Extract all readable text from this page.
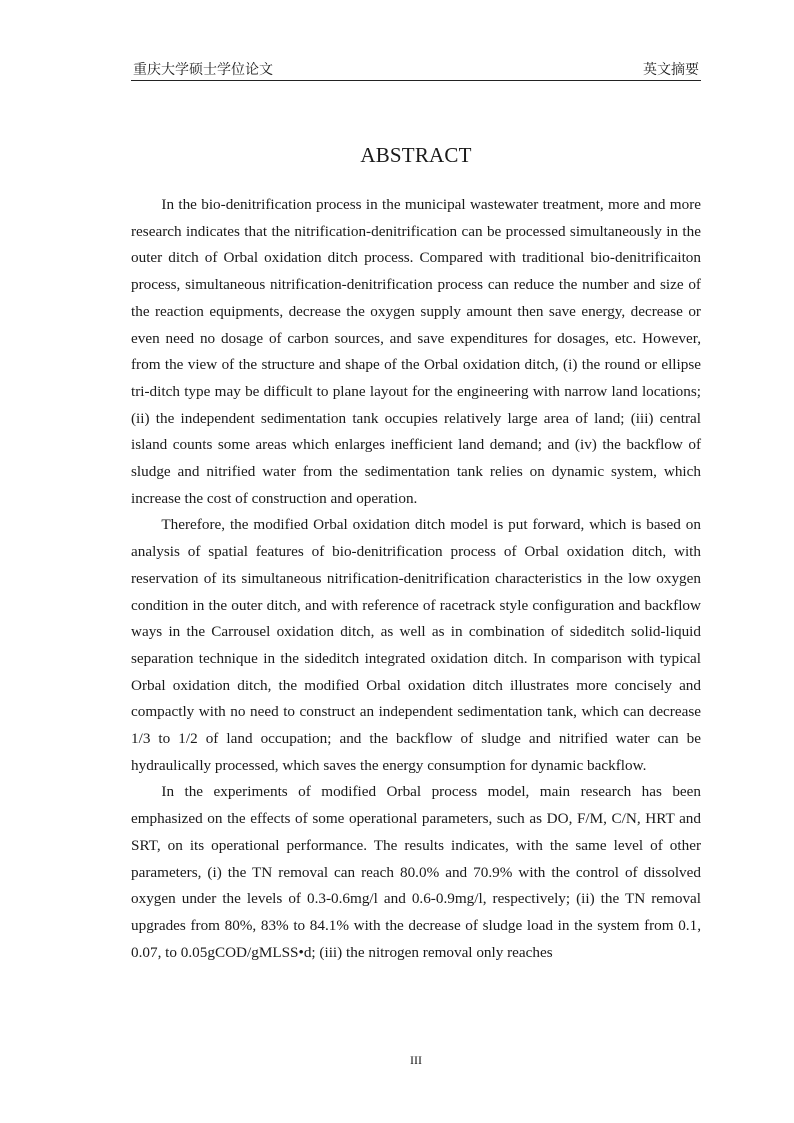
重庆大学硕士学位论文	英文摘要
ABSTRACT

In the bio-denitrification process in the municipal wastewater treatment, more and more research indicates that the nitrification-denitrification can be processed simultaneously in the outer ditch of Orbal oxidation ditch process. Compared with traditional bio-denitrificaiton process, simultaneous nitrification-denitrification process can reduce the number and size of the reaction equipments, decrease the oxygen supply amount then save energy, decrease or even need no dosage of carbon sources, and save expenditures for dosages, etc. However, from the view of the structure and shape of the Orbal oxidation ditch, (i) the round or ellipse tri-ditch type may be difficult to plane layout for the engineering with narrow land locations; (ii) the independent sedimentation tank occupies relatively large area of land; (iii) central island counts some areas which enlarges inefficient land demand; and (iv) the backflow of sludge and nitrified water from the sedimentation tank relies on dynamic system, which increase the cost of construction and operation.

Therefore, the modified Orbal oxidation ditch model is put forward, which is based on analysis of spatial features of bio-denitrification process of Orbal oxidation ditch, with reservation of its simultaneous nitrification-denitrification characteristics in the low oxygen condition in the outer ditch, and with reference of racetrack style configuration and backflow ways in the Carrousel oxidation ditch, as well as in combination of sideditch solid-liquid separation technique in the sideditch integrated oxidation ditch. In comparison with typical Orbal oxidation ditch, the modified Orbal oxidation ditch illustrates more concisely and compactly with no need to construct an independent sedimentation tank, which can decrease 1/3 to 1/2 of land occupation; and the backflow of sludge and nitrified water can be hydraulically processed, which saves the energy consumption for dynamic backflow.

In the experiments of modified Orbal process model, main research has been emphasized on the effects of some operational parameters, such as DO, F/M, C/N, HRT and SRT, on its operational performance. The results indicates, with the same level of other parameters, (i) the TN removal can reach 80.0% and 70.9% with the control of dissolved oxygen under the levels of 0.3-0.6mg/l and 0.6-0.9mg/l, respectively; (ii) the TN removal upgrades from 80%, 83% to 84.1% with the decrease of sludge load in the system from 0.1, 0.07, to 0.05gCOD/gMLSS•d; (iii) the nitrogen removal only reaches

III
